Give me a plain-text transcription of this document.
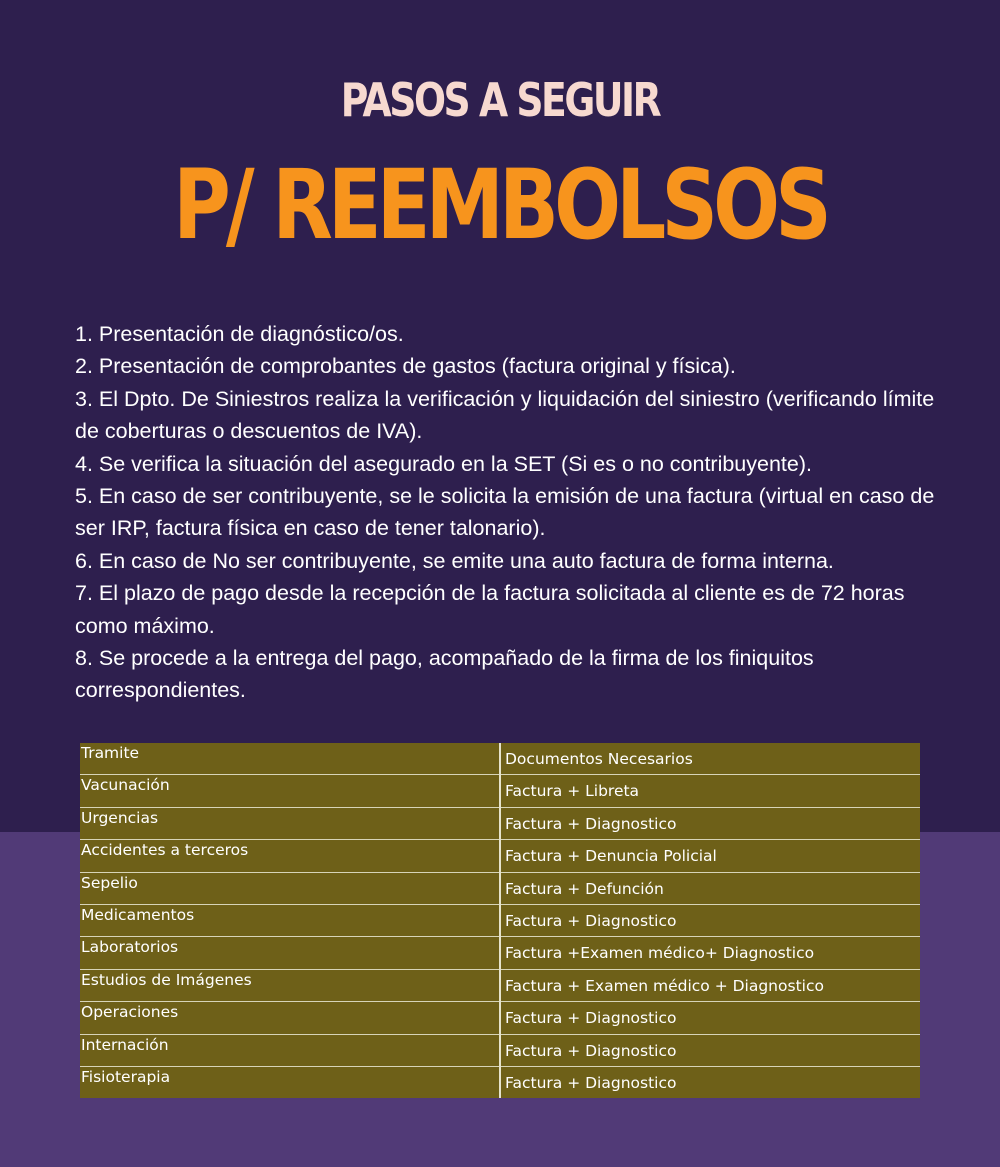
PASOS A SEGUIR
P/ REEMBOLSOS
1. Presentación de diagnóstico/os.
2. Presentación de comprobantes de gastos (factura original y física).
3. El Dpto. De Siniestros realiza la verificación y liquidación del siniestro (verificando límite de coberturas o descuentos de IVA).
4. Se verifica la situación del asegurado en la SET (Si es o no contribuyente).
5. En caso de ser contribuyente, se le solicita la emisión de una factura (virtual en caso de ser IRP, factura física en caso de tener talonario).
6. En caso de No ser contribuyente, se emite una auto factura de forma interna.
7. El plazo de pago desde la recepción de la factura solicitada al cliente es de 72 horas como máximo.
8. Se procede a la entrega del pago, acompañado de la firma de los finiquitos correspondientes.
Tramite	Documentos Necesarios
Vacunación	Factura + Libreta
Urgencias	Factura + Diagnostico
Accidentes a terceros	Factura + Denuncia Policial
Sepelio	Factura + Defunción
Medicamentos	Factura + Diagnostico
Laboratorios	Factura +Examen médico+ Diagnostico
Estudios de Imágenes	Factura + Examen médico + Diagnostico
Operaciones	Factura + Diagnostico
Internación	Factura + Diagnostico
Fisioterapia	Factura + Diagnostico
